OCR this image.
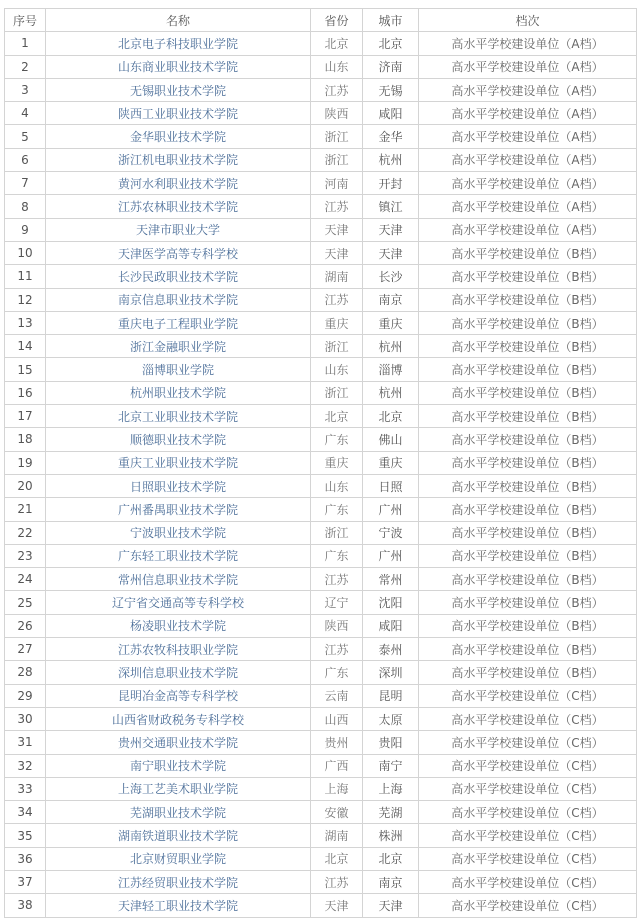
序号	名称	省份	城市	档次
1	北京电子科技职业学院	北京	北京	高水平学校建设单位（A档）
2	山东商业职业技术学院	山东	济南	高水平学校建设单位（A档）
3	无锡职业技术学院	江苏	无锡	高水平学校建设单位（A档）
4	陕西工业职业技术学院	陕西	咸阳	高水平学校建设单位（A档）
5	金华职业技术学院	浙江	金华	高水平学校建设单位（A档）
6	浙江机电职业技术学院	浙江	杭州	高水平学校建设单位（A档）
7	黄河水利职业技术学院	河南	开封	高水平学校建设单位（A档）
8	江苏农林职业技术学院	江苏	镇江	高水平学校建设单位（A档）
9	天津市职业大学	天津	天津	高水平学校建设单位（A档）
10	天津医学高等专科学校	天津	天津	高水平学校建设单位（B档）
11	长沙民政职业技术学院	湖南	长沙	高水平学校建设单位（B档）
12	南京信息职业技术学院	江苏	南京	高水平学校建设单位（B档）
13	重庆电子工程职业学院	重庆	重庆	高水平学校建设单位（B档）
14	浙江金融职业学院	浙江	杭州	高水平学校建设单位（B档）
15	淄博职业学院	山东	淄博	高水平学校建设单位（B档）
16	杭州职业技术学院	浙江	杭州	高水平学校建设单位（B档）
17	北京工业职业技术学院	北京	北京	高水平学校建设单位（B档）
18	顺德职业技术学院	广东	佛山	高水平学校建设单位（B档）
19	重庆工业职业技术学院	重庆	重庆	高水平学校建设单位（B档）
20	日照职业技术学院	山东	日照	高水平学校建设单位（B档）
21	广州番禺职业技术学院	广东	广州	高水平学校建设单位（B档）
22	宁波职业技术学院	浙江	宁波	高水平学校建设单位（B档）
23	广东轻工职业技术学院	广东	广州	高水平学校建设单位（B档）
24	常州信息职业技术学院	江苏	常州	高水平学校建设单位（B档）
25	辽宁省交通高等专科学校	辽宁	沈阳	高水平学校建设单位（B档）
26	杨凌职业技术学院	陕西	咸阳	高水平学校建设单位（B档）
27	江苏农牧科技职业学院	江苏	泰州	高水平学校建设单位（B档）
28	深圳信息职业技术学院	广东	深圳	高水平学校建设单位（B档）
29	昆明冶金高等专科学校	云南	昆明	高水平学校建设单位（C档）
30	山西省财政税务专科学校	山西	太原	高水平学校建设单位（C档）
31	贵州交通职业技术学院	贵州	贵阳	高水平学校建设单位（C档）
32	南宁职业技术学院	广西	南宁	高水平学校建设单位（C档）
33	上海工艺美术职业学院	上海	上海	高水平学校建设单位（C档）
34	芜湖职业技术学院	安徽	芜湖	高水平学校建设单位（C档）
35	湖南铁道职业技术学院	湖南	株洲	高水平学校建设单位（C档）
36	北京财贸职业学院	北京	北京	高水平学校建设单位（C档）
37	江苏经贸职业技术学院	江苏	南京	高水平学校建设单位（C档）
38	天津轻工职业技术学院	天津	天津	高水平学校建设单位（C档）
